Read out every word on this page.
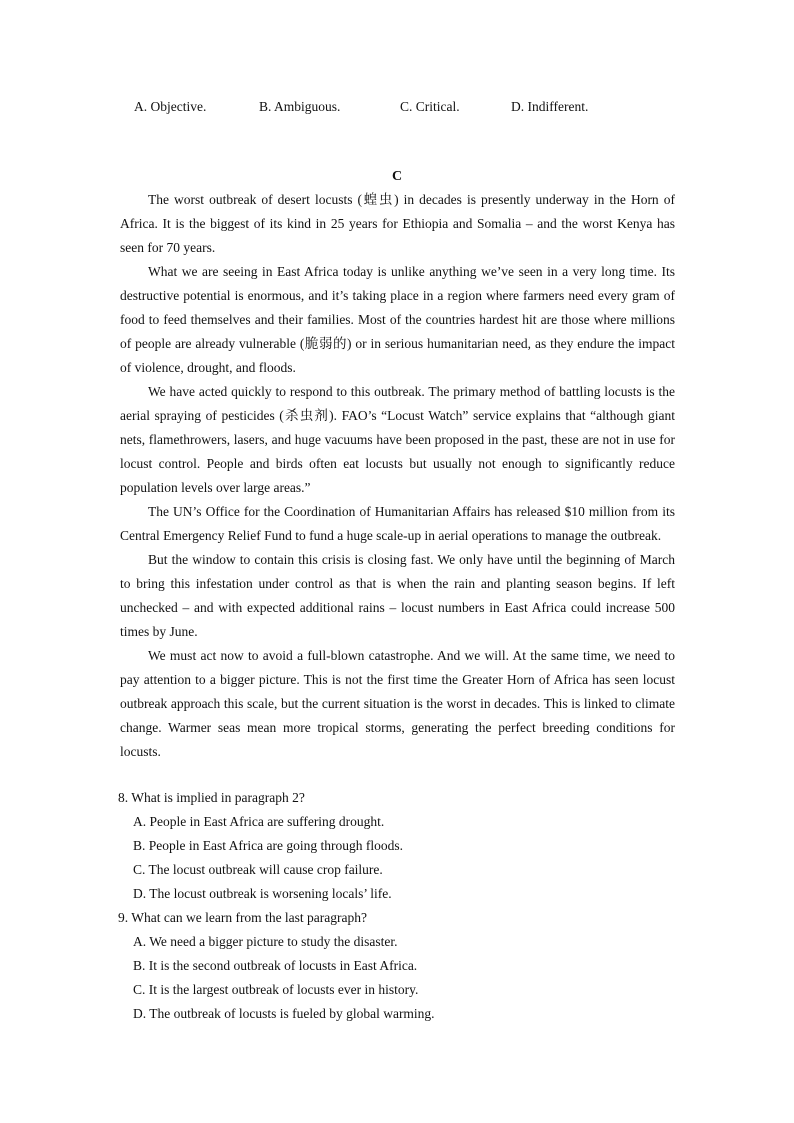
A. Objective.	B. Ambiguous.	C. Critical.	D. Indifferent.
C

The worst outbreak of desert locusts (蝗虫) in decades is presently underway in the Horn of Africa. It is the biggest of its kind in 25 years for Ethiopia and Somalia – and the worst Kenya has seen for 70 years.

What we are seeing in East Africa today is unlike anything we’ve seen in a very long time. Its destructive potential is enormous, and it’s taking place in a region where farmers need every gram of food to feed themselves and their families. Most of the countries hardest hit are those where millions of people are already vulnerable (脆弱的) or in serious humanitarian need, as they endure the impact of violence, drought, and floods.

We have acted quickly to respond to this outbreak. The primary method of battling locusts is the aerial spraying of pesticides (杀虫剂). FAO’s “Locust Watch” service explains that “although giant nets, flamethrowers, lasers, and huge vacuums have been proposed in the past, these are not in use for locust control. People and birds often eat locusts but usually not enough to significantly reduce population levels over large areas.”

The UN’s Office for the Coordination of Humanitarian Affairs has released $10 million from its Central Emergency Relief Fund to fund a huge scale-up in aerial operations to manage the outbreak.

But the window to contain this crisis is closing fast. We only have until the beginning of March to bring this infestation under control as that is when the rain and planting season begins. If left unchecked – and with expected additional rains – locust numbers in East Africa could increase 500 times by June.

We must act now to avoid a full-blown catastrophe. And we will. At the same time, we need to pay attention to a bigger picture. This is not the first time the Greater Horn of Africa has seen locust outbreak approach this scale, but the current situation is the worst in decades. This is linked to climate change. Warmer seas mean more tropical storms, generating the perfect breeding conditions for locusts.

8. What is implied in paragraph 2?

A. People in East Africa are suffering drought.

B. People in East Africa are going through floods.

C. The locust outbreak will cause crop failure.

D. The locust outbreak is worsening locals’ life.

9. What can we learn from the last paragraph?

A. We need a bigger picture to study the disaster.

B. It is the second outbreak of locusts in East Africa.

C. It is the largest outbreak of locusts ever in history.

D. The outbreak of locusts is fueled by global warming.
